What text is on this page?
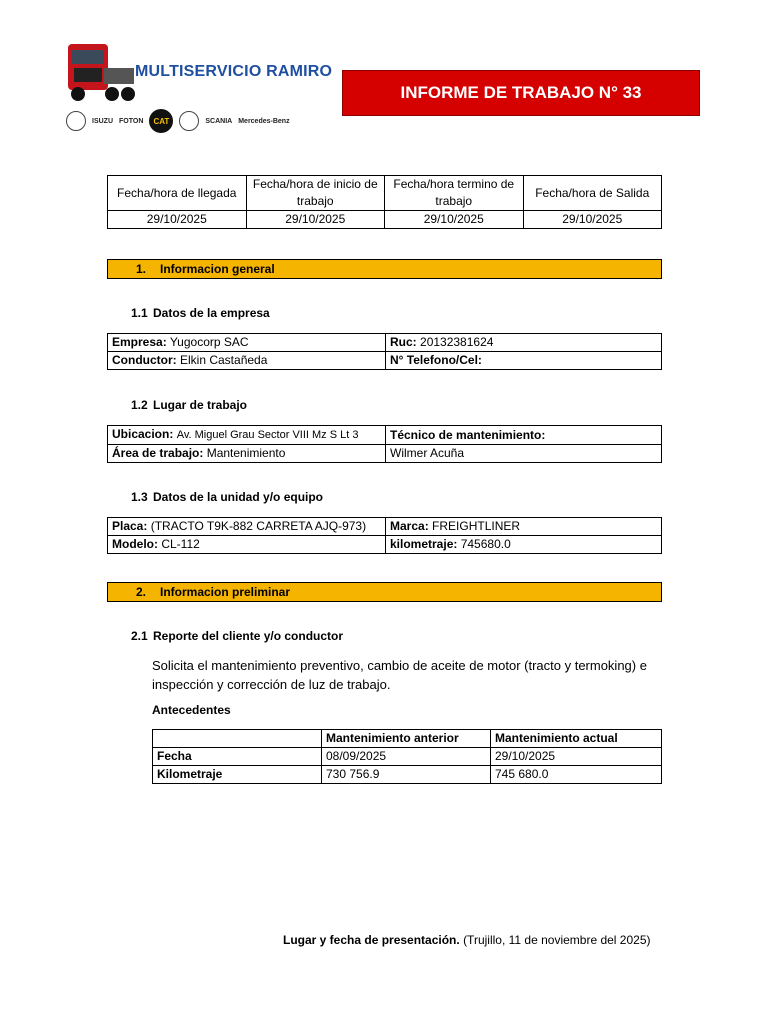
MULTISERVICIO RAMIRO
INFORME DE TRABAJO N° 33
ISUZU FOTON	CAT	SCANIA Mercedes-Benz
Fecha/hora de llegada	Fecha/hora de inicio de trabajo	Fecha/hora termino de trabajo	Fecha/hora de Salida
29/10/2025	29/10/2025	29/10/2025	29/10/2025
1. Informacion general
1.1 Datos de la empresa
Empresa: Yugocorp SAC	Ruc: 20132381624
Conductor: Elkin Castañeda	N° Telefono/Cel:
1.2 Lugar de trabajo
Ubicacion: Av. Miguel Grau Sector VIII Mz S Lt 3	Técnico de mantenimiento:
Área de trabajo: Mantenimiento	Wilmer Acuña
1.3 Datos de la unidad y/o equipo
Placa: (TRACTO T9K-882 CARRETA AJQ-973)	Marca: FREIGHTLINER
Modelo: CL-112	kilometraje: 745680.0
2. Informacion preliminar
2.1 Reporte del cliente y/o conductor
Solicita el mantenimiento preventivo, cambio de aceite de motor (tracto y termoking) e inspección y corrección de luz de trabajo.
Antecedentes
	Mantenimiento anterior	Mantenimiento actual
Fecha	08/09/2025	29/10/2025
Kilometraje	730 756.9	745 680.0
Lugar y fecha de presentación. (Trujillo, 11 de noviembre del 2025)
